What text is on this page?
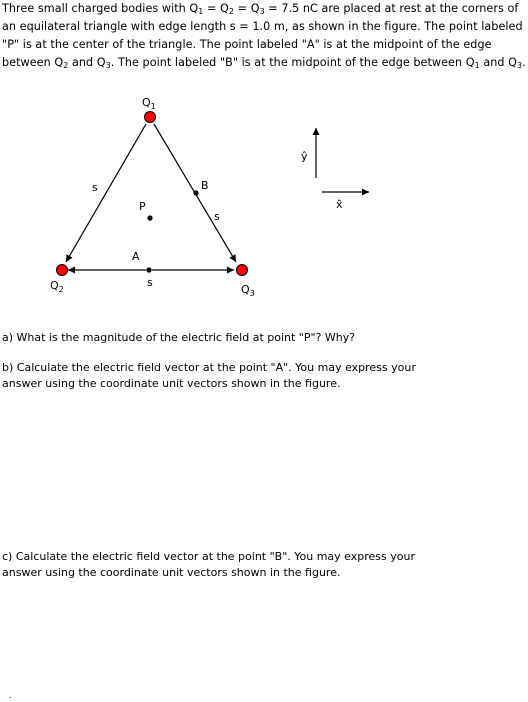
Three small charged bodies with $Q_1 = Q_2 = Q_3 = 7.5$ nC are placed at rest at the corners of an equilateral triangle with edge length s = 1.0 m, as shown in the figure. The point labeled "P" is at the center of the triangle. The point labeled "A" is at the midpoint of the edge between $Q_2$ and $Q_3$. The point labeled "B" is at the midpoint of the edge between $Q_1$ and $Q_3$.
$Q_1$
$Q_2$	$Q_3$
P
A
B
s
s
s
ŷ
x̂
a) What is the magnitude of the electric field at point "P"? Why?
b) Calculate the electric field vector at the point "A". You may express your
answer using the coordinate unit vectors shown in the figure.
c) Calculate the electric field vector at the point "B". You may express your
answer using the coordinate unit vectors shown in the figure.
.
